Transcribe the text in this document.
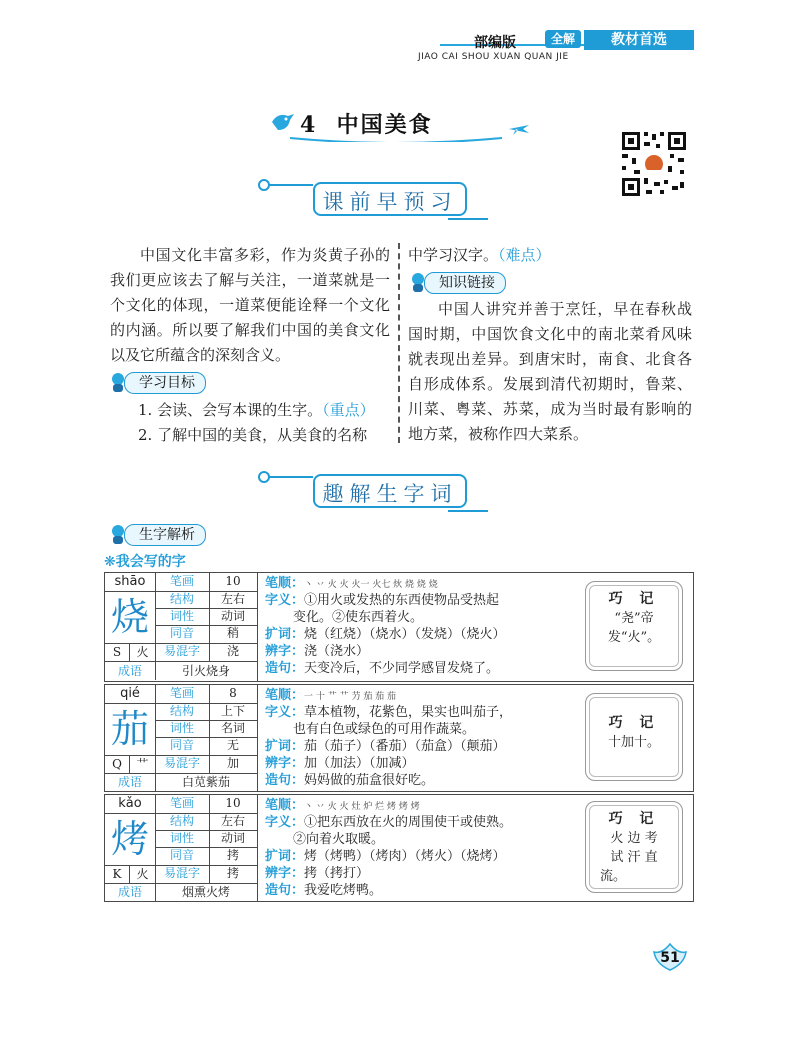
部编版	全解	教材首选
JIAO CAI SHOU XUAN QUAN JIE
4 中国美食
课前早预习
中国文化丰富多彩，作为炎黄子孙的我们更应该去了解与关注，一道菜就是一个文化的体现，一道菜便能诠释一个文化的内涵。所以要了解我们中国的美食文化以及它所蕴含的深刻含义。
学习目标
1. 会读、会写本课的生字。（重点）
2. 了解中国的美食，从美食的名称
中学习汉字。（难点）
知识链接
中国人讲究并善于烹饪，早在春秋战国时期，中国饮食文化中的南北菜肴风味就表现出差异。到唐宋时，南食、北食各自形成体系。发展到清代初期时，鲁菜、川菜、粤菜、苏菜，成为当时最有影响的地方菜，被称作四大菜系。
趣解生字词
生字解析
❋我会写的字
shāo
烧
S	火
笔画	10
结构	左右
词性	动词
同音	稍
易混字	浇
成语	引火烧身
笔顺：丶 丷 火 火 火一 火七 炏 烧 烧 烧
字义：①用火或发热的东西使物品受热起
变化。②使东西着火。
扩词：烧（红烧）（烧水）（发烧）（烧火）
辨字：浇（浇水）
造句：天变冷后，不少同学感冒发烧了。
巧 记
“尧”帝
发“火”。
qié
茄
Q	艹
笔画	8
结构	上下
词性	名词
同音	无
易混字	加
成语	白苋紫茄
笔顺：一 十 艹 艹 芀 茄 茄 茄
字义：草本植物，花紫色，果实也叫茄子，
也有白色或绿色的可用作蔬菜。
扩词：茄（茄子）（番茄）（茄盒）（颠茄）
辨字：加（加法）（加减）
造句：妈妈做的茄盒很好吃。
巧 记
十加十。
kǎo
烤
K	火
笔画	10
结构	左右
词性	动词
同音	拷
易混字	拷
成语	烟熏火烤
笔顺：丶 丷 火 火 灶 炉 烂 烤 烤 烤
字义：①把东西放在火的周围使干或使熟。
②向着火取暖。
扩词：烤（烤鸭）（烤肉）（烤火）（烧烤）
辨字：拷（拷打）
造句：我爱吃烤鸭。
巧 记
火 边 考
试 汗 直
流。
51
